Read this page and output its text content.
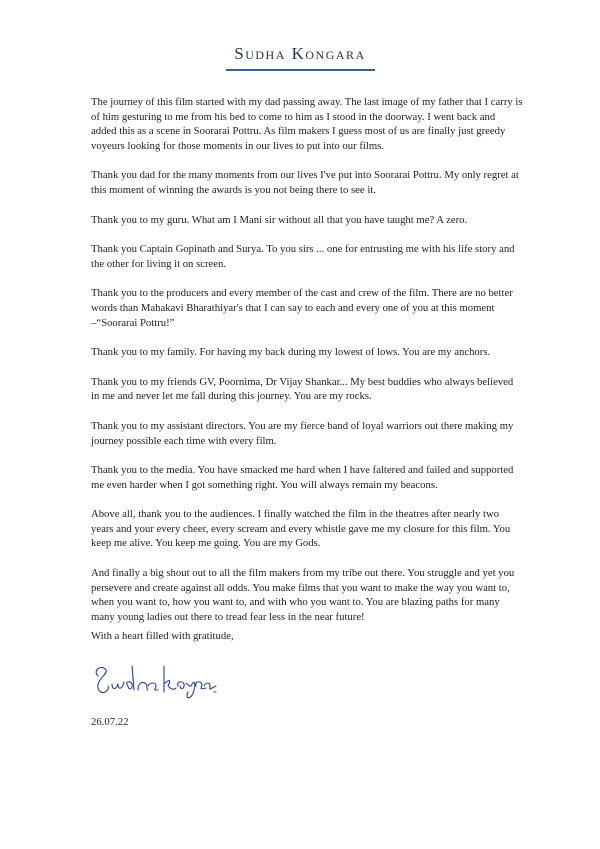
Sudha Kongara

The journey of this film started with my dad passing away. The last image of my father that I carry is of him gesturing to me from his bed to come to him as I stood in the doorway. I went back and added this as a scene in Soorarai Pottru. As film makers I guess most of us are finally just greedy voyeurs looking for those moments in our lives to put into our films.

Thank you dad for the many moments from our lives I've put into Soorarai Pottru. My only regret at this moment of winning the awards is you not being there to see it.

Thank you to my guru. What am I Mani sir without all that you have taught me? A zero.

Thank you Captain Gopinath and Surya. To you sirs ... one for entrusting me with his life story and the other for living it on screen.

Thank you to the producers and every member of the cast and crew of the film. There are no better words than Mahakavi Bharathiyar's that I can say to each and every one of you at this moment –“Soorarai Pottru!”

Thank you to my family. For having my back during my lowest of lows. You are my anchors.

Thank you to my friends GV, Poornima, Dr Vijay Shankar... My best buddies who always believed in me and never let me fall during this journey. You are my rocks.

Thank you to my assistant directors. You are my fierce band of loyal warriors out there making my journey possible each time with every film.

Thank you to the media. You have smacked me hard when I have faltered and failed and supported me even harder when I got something right. You will always remain my beacons.

Above all, thank you to the audiences. I finally watched the film in the theatres after nearly two years and your every cheer, every scream and every whistle gave me my closure for this film. You keep me alive. You keep me going. You are my Gods.

And finally a big shout out to all the film makers from my tribe out there. You struggle and yet you persevere and create against all odds. You make films that you want to make the way you want to, when you want to, how you want to, and with who you want to. You are blazing paths for many many young ladies out there to tread fear less in the near future!

With a heart filled with gratitude,
26.07.22
